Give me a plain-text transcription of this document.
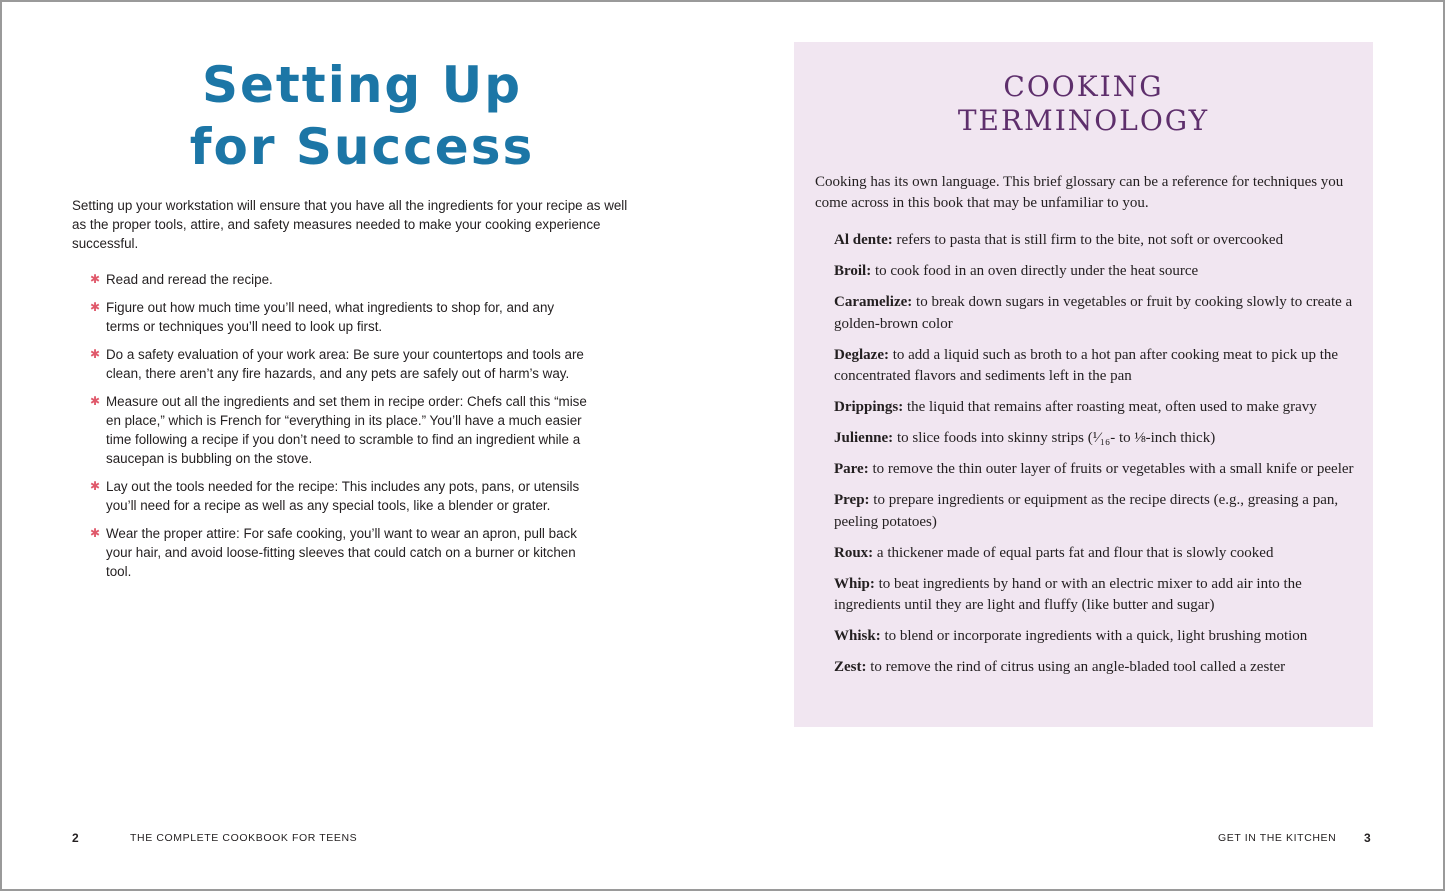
Setting Up
for Success

Setting up your workstation will ensure that you have all the ingredients for your recipe as well as the proper tools, attire, and safety measures needed to make your cooking experience successful.

✱ Read and reread the recipe.
✱ Figure out how much time you’ll need, what ingredients to shop for, and any terms or techniques you’ll need to look up first.
✱ Do a safety evaluation of your work area: Be sure your countertops and tools are clean, there aren’t any fire hazards, and any pets are safely out of harm’s way.
✱ Measure out all the ingredients and set them in recipe order: Chefs call this “mise en place,” which is French for “everything in its place.” You’ll have a much easier time following a recipe if you don’t need to scramble to find an ingredient while a saucepan is bubbling on the stove.
✱ Lay out the tools needed for the recipe: This includes any pots, pans, or utensils you’ll need for a recipe as well as any special tools, like a blender or grater.
✱ Wear the proper attire: For safe cooking, you’ll want to wear an apron, pull back your hair, and avoid loose-fitting sleeves that could catch on a burner or kitchen tool.
2	THE COMPLETE COOKBOOK FOR TEENS
COOKING
TERMINOLOGY

Cooking has its own language. This brief glossary can be a reference for techniques you come across in this book that may be unfamiliar to you.

Al dente: refers to pasta that is still firm to the bite, not soft or overcooked
Broil: to cook food in an oven directly under the heat source
Caramelize: to break down sugars in vegetables or fruit by cooking slowly to create a golden-brown color
Deglaze: to add a liquid such as broth to a hot pan after cooking meat to pick up the concentrated flavors and sediments left in the pan
Drippings: the liquid that remains after roasting meat, often used to make gravy
Julienne: to slice foods into skinny strips (¹⁄₁₆- to ⅛-inch thick)
Pare: to remove the thin outer layer of fruits or vegetables with a small knife or peeler
Prep: to prepare ingredients or equipment as the recipe directs (e.g., greasing a pan, peeling potatoes)
Roux: a thickener made of equal parts fat and flour that is slowly cooked
Whip: to beat ingredients by hand or with an electric mixer to add air into the ingredients until they are light and fluffy (like butter and sugar)
Whisk: to blend or incorporate ingredients with a quick, light brushing motion
Zest: to remove the rind of citrus using an angle-bladed tool called a zester
GET IN THE KITCHEN 3
